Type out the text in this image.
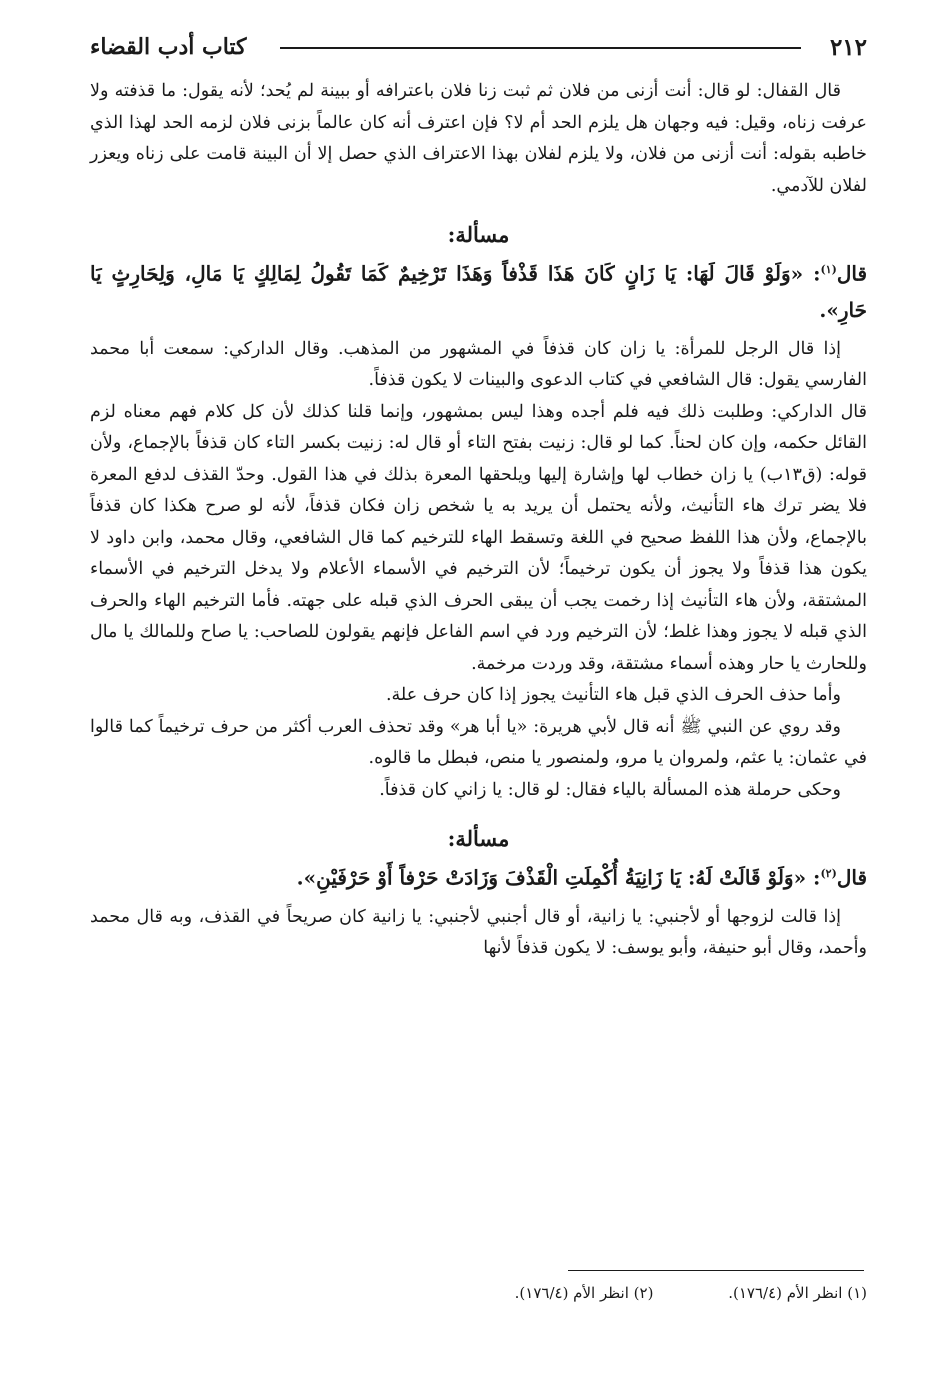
٢١٢
كتاب أدب القضاء

قال القفال: لو قال: أنت أزنى من فلان ثم ثبت زنا فلان باعترافه أو ببينة لم يُحد؛ لأنه يقول: ما قذفته ولا عرفت زناه، وقيل: فيه وجهان هل يلزم الحد أم لا؟ فإن اعترف أنه كان عالماً بزنى فلان لزمه الحد لهذا الذي خاطبه بقوله: أنت أزنى من فلان، ولا يلزم لفلان بهذا الاعتراف الذي حصل إلا أن البينة قامت على زناه ويعزر لفلان للآدمي.

مسألة:
قال$^{(١)}$: «وَلَوْ قَالَ لَهَا: يَا زَانٍ كَانَ هَذَا قَذْفاً وَهَذَا تَرْخِيمٌ كَمَا تَقُولُ لِمَالِكٍ يَا مَالِ، وَلِحَارِثٍ يَا حَارِ».

إذا قال الرجل للمرأة: يا زان كان قذفاً في المشهور من المذهب. وقال الداركي: سمعت أبا محمد الفارسي يقول: قال الشافعي في كتاب الدعوى والبينات لا يكون قذفاً.

قال الداركي: وطلبت ذلك فيه فلم أجده وهذا ليس بمشهور، وإنما قلنا كذلك لأن كل كلام فهم معناه لزم القائل حكمه، وإن كان لحناً. كما لو قال: زنيت بفتح التاء أو قال له: زنيت بكسر التاء كان قذفاً بالإجماع، ولأن قوله: (ق١٣ب) يا زان خطاب لها وإشارة إليها ويلحقها المعرة بذلك في هذا القول. وحدّ القذف لدفع المعرة فلا يضر ترك هاء التأنيث، ولأنه يحتمل أن يريد به يا شخص زان فكان قذفاً، لأنه لو صرح هكذا كان قذفاً بالإجماع، ولأن هذا اللفظ صحيح في اللغة وتسقط الهاء للترخيم كما قال الشافعي، وقال محمد، وابن داود لا يكون هذا قذفاً ولا يجوز أن يكون ترخيماً؛ لأن الترخيم في الأسماء الأعلام ولا يدخل الترخيم في الأسماء المشتقة، ولأن هاء التأنيث إذا رخمت يجب أن يبقى الحرف الذي قبله على جهته. فأما الترخيم الهاء والحرف الذي قبله لا يجوز وهذا غلط؛ لأن الترخيم ورد في اسم الفاعل فإنهم يقولون للصاحب: يا صاح وللمالك يا مال وللحارث يا حار وهذه أسماء مشتقة، وقد وردت مرخمة.

وأما حذف الحرف الذي قبل هاء التأنيث يجوز إذا كان حرف علة.

وقد روي عن النبي ﷺ أنه قال لأبي هريرة: «يا أبا هر» وقد تحذف العرب أكثر من حرف ترخيماً كما قالوا في عثمان: يا عثم، ولمروان يا مرو، ولمنصور يا منص، فبطل ما قالوه.

وحكى حرملة هذه المسألة بالياء فقال: لو قال: يا زاني كان قذفاً.

مسألة:
قال$^{(٢)}$: «وَلَوْ قَالَتْ لَهُ: يَا زَانِيَةُ أُكْمِلَتِ الْقَذْفَ وَزَادَتْ حَرْفاً أَوْ حَرْفَيْنِ».

إذا قالت لزوجها أو لأجنبي: يا زانية، أو قال أجنبي لأجنبي: يا زانية كان صريحاً في القذف، وبه قال محمد وأحمد، وقال أبو حنيفة، وأبو يوسف: لا يكون قذفاً لأنها

(١) انظر الأم (١٧٦/٤). (٢) انظر الأم (١٧٦/٤).
